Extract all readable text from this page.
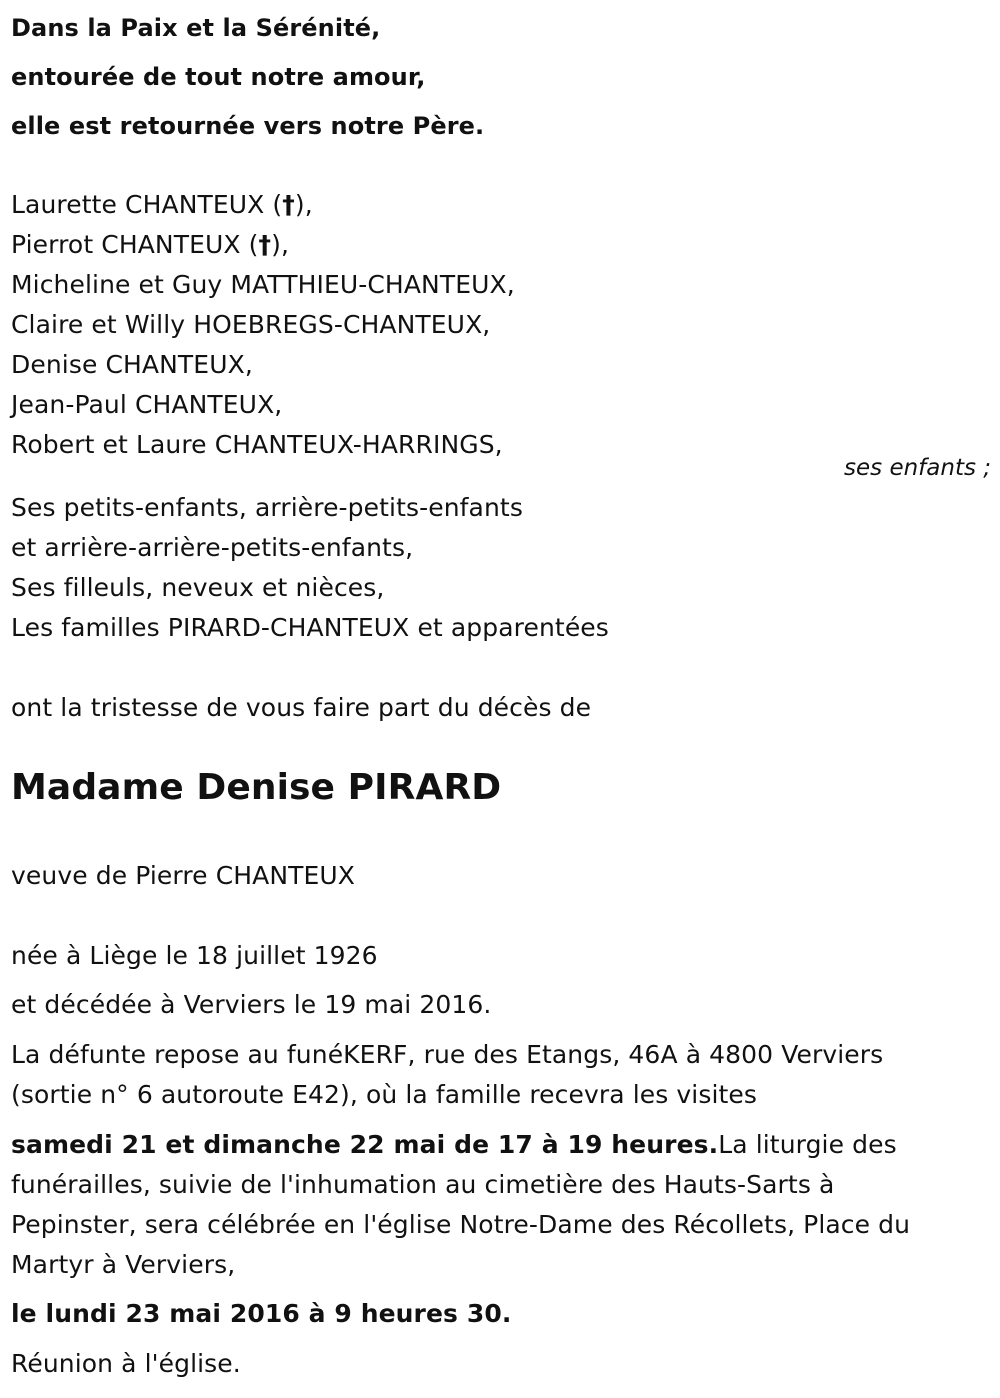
Dans la Paix et la Sérénité,
entourée de tout notre amour,
elle est retournée vers notre Père.
Laurette CHANTEUX (†),
Pierrot CHANTEUX (†),
Micheline et Guy MATTHIEU-CHANTEUX,
Claire et Willy HOEBREGS-CHANTEUX,
Denise CHANTEUX,
Jean-Paul CHANTEUX,
Robert et Laure CHANTEUX-HARRINGS,
ses enfants ;
Ses petits-enfants, arrière-petits-enfants
et arrière-arrière-petits-enfants,
Ses filleuls, neveux et nièces,
Les familles PIRARD-CHANTEUX et apparentées
ont la tristesse de vous faire part du décès de
Madame Denise PIRARD
veuve de Pierre CHANTEUX
née à Liège le 18 juillet 1926
et décédée à Verviers le 19 mai 2016.
La défunte repose au funéKERF, rue des Etangs, 46A à 4800 Verviers
(sortie n° 6 autoroute E42), où la famille recevra les visites
samedi 21 et dimanche 22 mai de 17 à 19 heures.La liturgie des
funérailles, suivie de l'inhumation au cimetière des Hauts-Sarts à
Pepinster, sera célébrée en l'église Notre-Dame des Récollets, Place du
Martyr à Verviers,
le lundi 23 mai 2016 à 9 heures 30.
Réunion à l'église.
